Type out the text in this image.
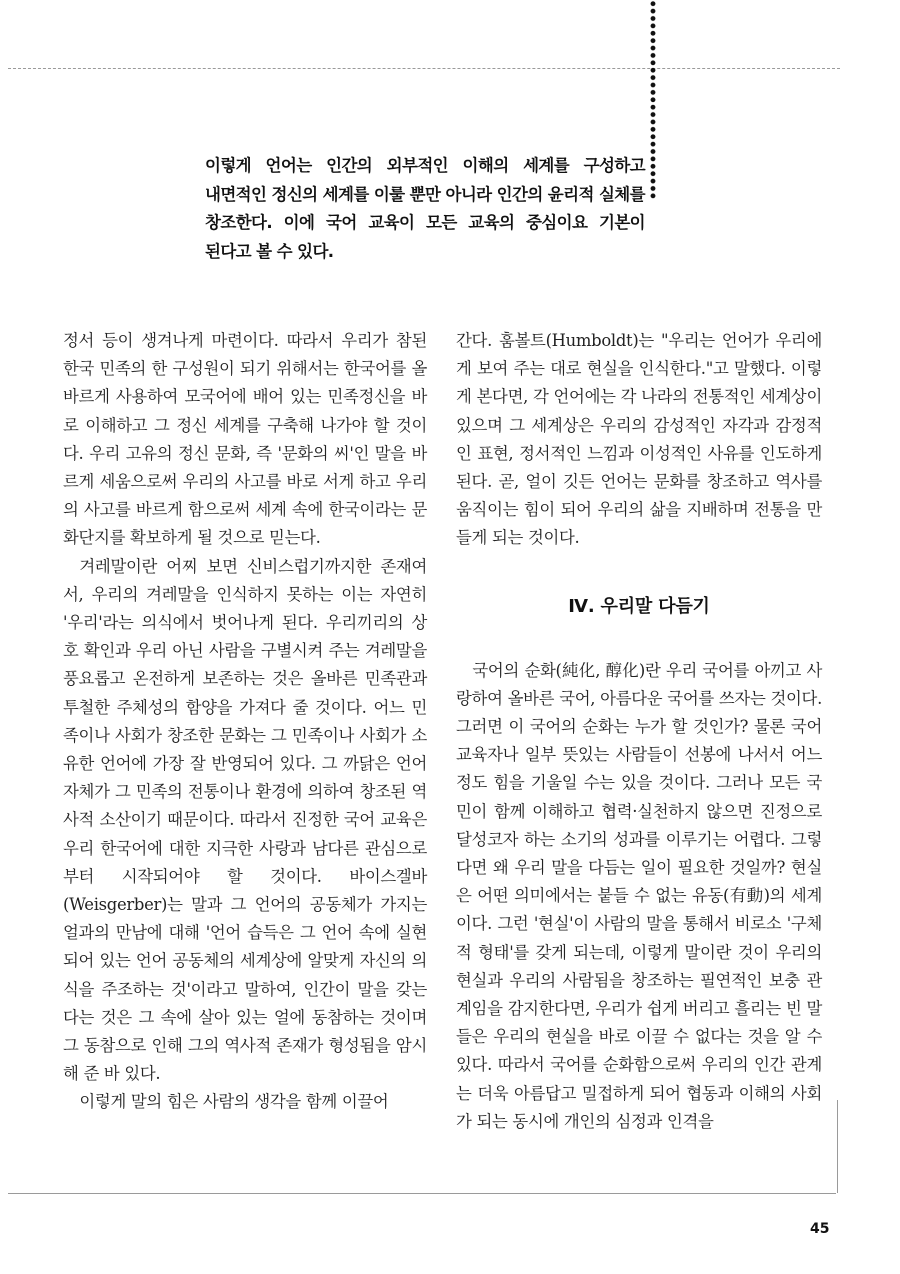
이렇게 언어는 인간의 외부적인 이해의 세계를 구성하고 내면적인 정신의 세계를 이룰 뿐만 아니라 인간의 윤리적 실체를 창조한다. 이에 국어 교육이 모든 교육의 중심이요 기본이 된다고 볼 수 있다.

정서 등이 생겨나게 마련이다. 따라서 우리가 참된 한국 민족의 한 구성원이 되기 위해서는 한국어를 올바르게 사용하여 모국어에 배어 있는 민족정신을 바로 이해하고 그 정신 세계를 구축해 나가야 할 것이다. 우리 고유의 정신 문화, 즉 '문화의 씨'인 말을 바르게 세움으로써 우리의 사고를 바로 서게 하고 우리의 사고를 바르게 함으로써 세계 속에 한국이라는 문화단지를 확보하게 될 것으로 믿는다.

겨레말이란 어찌 보면 신비스럽기까지한 존재여서, 우리의 겨레말을 인식하지 못하는 이는 자연히 '우리'라는 의식에서 벗어나게 된다. 우리끼리의 상호 확인과 우리 아닌 사람을 구별시켜 주는 겨레말을 풍요롭고 온전하게 보존하는 것은 올바른 민족관과 투철한 주체성의 함양을 가져다 줄 것이다. 어느 민족이나 사회가 창조한 문화는 그 민족이나 사회가 소유한 언어에 가장 잘 반영되어 있다. 그 까닭은 언어 자체가 그 민족의 전통이나 환경에 의하여 창조된 역사적 소산이기 때문이다. 따라서 진정한 국어 교육은 우리 한국어에 대한 지극한 사랑과 남다른 관심으로부터 시작되어야 할 것이다. 바이스겔바(Weisgerber)는 말과 그 언어의 공동체가 가지는 얼과의 만남에 대해 '언어 습득은 그 언어 속에 실현되어 있는 언어 공동체의 세계상에 알맞게 자신의 의식을 주조하는 것'이라고 말하여, 인간이 말을 갖는다는 것은 그 속에 살아 있는 얼에 동참하는 것이며 그 동참으로 인해 그의 역사적 존재가 형성됨을 암시해 준 바 있다.

이렇게 말의 힘은 사람의 생각을 함께 이끌어

간다. 훔볼트(Humboldt)는 "우리는 언어가 우리에게 보여 주는 대로 현실을 인식한다."고 말했다. 이렇게 본다면, 각 언어에는 각 나라의 전통적인 세계상이 있으며 그 세계상은 우리의 감성적인 자각과 감정적인 표현, 정서적인 느낌과 이성적인 사유를 인도하게 된다. 곧, 얼이 깃든 언어는 문화를 창조하고 역사를 움직이는 힘이 되어 우리의 삶을 지배하며 전통을 만들게 되는 것이다.

Ⅳ. 우리말 다듬기

국어의 순화(純化, 醇化)란 우리 국어를 아끼고 사랑하여 올바른 국어, 아름다운 국어를 쓰자는 것이다. 그러면 이 국어의 순화는 누가 할 것인가? 물론 국어 교육자나 일부 뜻있는 사람들이 선봉에 나서서 어느 정도 힘을 기울일 수는 있을 것이다. 그러나 모든 국민이 함께 이해하고 협력·실천하지 않으면 진정으로 달성코자 하는 소기의 성과를 이루기는 어렵다. 그렇다면 왜 우리 말을 다듬는 일이 필요한 것일까? 현실은 어떤 의미에서는 붙들 수 없는 유동(有動)의 세계이다. 그런 '현실'이 사람의 말을 통해서 비로소 '구체적 형태'를 갖게 되는데, 이렇게 말이란 것이 우리의 현실과 우리의 사람됨을 창조하는 필연적인 보충 관계임을 감지한다면, 우리가 쉽게 버리고 흘리는 빈 말들은 우리의 현실을 바로 이끌 수 없다는 것을 알 수 있다. 따라서 국어를 순화함으로써 우리의 인간 관계는 더욱 아름답고 밀접하게 되어 협동과 이해의 사회가 되는 동시에 개인의 심정과 인격을

45
